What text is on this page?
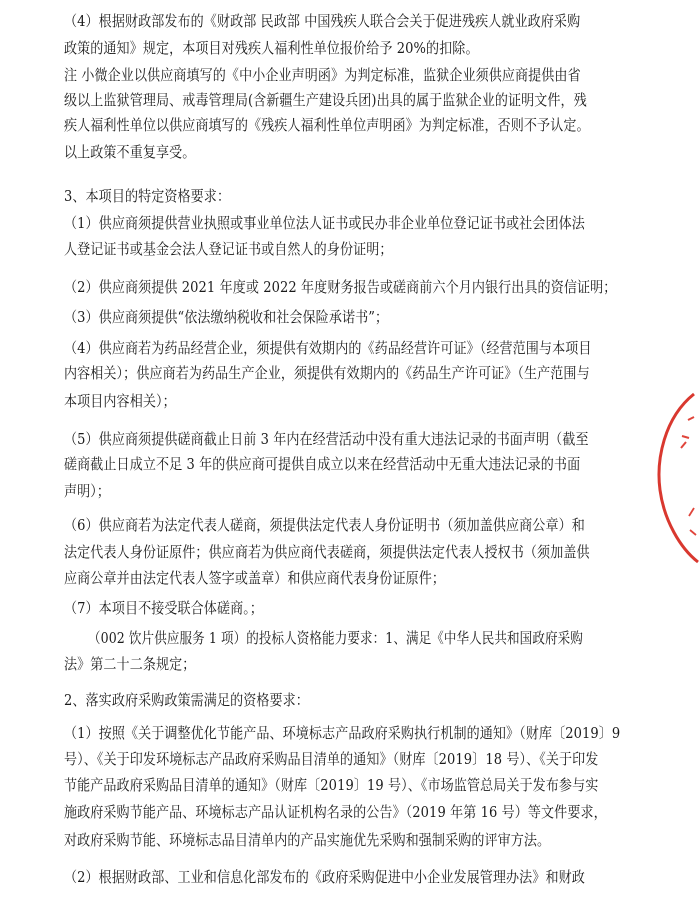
（4）根据财政部发布的《财政部 民政部 中国残疾人联合会关于促进残疾人就业政府采购
政策的通知》规定，本项目对残疾人福利性单位报价给予 20%的扣除。
注 小微企业以供应商填写的《中小企业声明函》为判定标准，监狱企业须供应商提供由省
级以上监狱管理局、戒毒管理局(含新疆生产建设兵团)出具的属于监狱企业的证明文件，残
疾人福利性单位以供应商填写的《残疾人福利性单位声明函》为判定标准，否则不予认定。
以上政策不重复享受。
3、本项目的特定资格要求：
（1）供应商须提供营业执照或事业单位法人证书或民办非企业单位登记证书或社会团体法
人登记证书或基金会法人登记证书或自然人的身份证明；
（2）供应商须提供 2021 年度或 2022 年度财务报告或磋商前六个月内银行出具的资信证明；
（3）供应商须提供“依法缴纳税收和社会保险承诺书”；
（4）供应商若为药品经营企业，须提供有效期内的《药品经营许可证》（经营范围与本项目
内容相关）；供应商若为药品生产企业，须提供有效期内的《药品生产许可证》（生产范围与
本项目内容相关）；
（5）供应商须提供磋商截止日前 3 年内在经营活动中没有重大违法记录的书面声明（截至
磋商截止日成立不足 3 年的供应商可提供自成立以来在经营活动中无重大违法记录的书面
声明）；
（6）供应商若为法定代表人磋商，须提供法定代表人身份证明书（须加盖供应商公章）和
法定代表人身份证原件；供应商若为供应商代表磋商，须提供法定代表人授权书（须加盖供
应商公章并由法定代表人签字或盖章）和供应商代表身份证原件；
（7）本项目不接受联合体磋商。；
（002 饮片供应服务 1 项）的投标人资格能力要求：1、满足《中华人民共和国政府采购
法》第二十二条规定；
2、落实政府采购政策需满足的资格要求：
（1）按照《关于调整优化节能产品、环境标志产品政府采购执行机制的通知》（财库〔2019〕9
号）、《关于印发环境标志产品政府采购品目清单的通知》（财库〔2019〕18 号）、《关于印发
节能产品政府采购品目清单的通知》（财库〔2019〕19 号）、《市场监管总局关于发布参与实
施政府采购节能产品、环境标志产品认证机构名录的公告》（2019 年第 16 号）等文件要求，
对政府采购节能、环境标志品目清单内的产品实施优先采购和强制采购的评审方法。
（2）根据财政部、工业和信息化部发布的《政府采购促进中小企业发展管理办法》和财政
